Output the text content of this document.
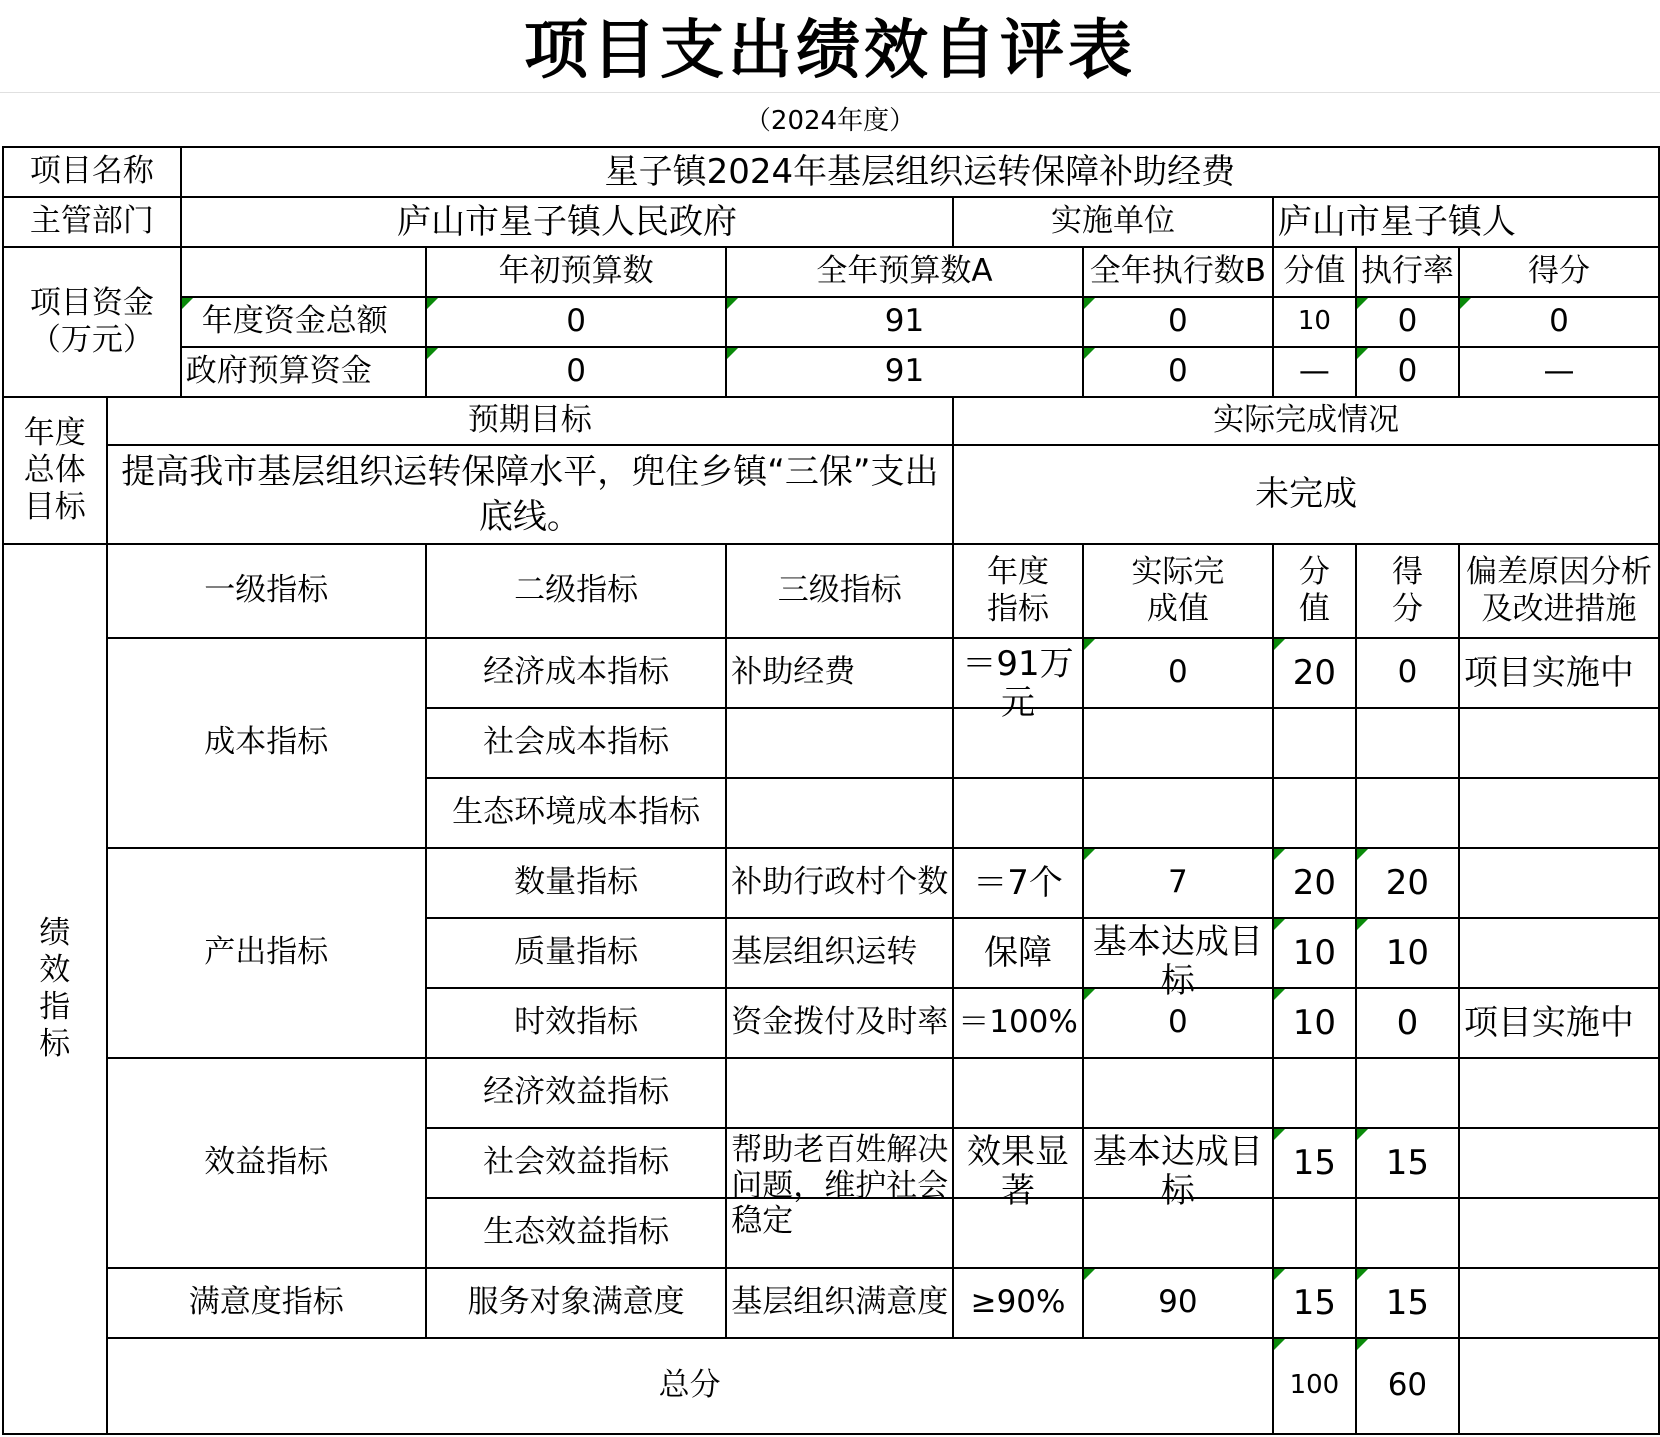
项目支出绩效自评表
（2024年度）
项目名称		星子镇2024年基层组织运转保障补助经费							
主管部门		庐山市星子镇人民政府			实施单位		庐山市星子镇人		
项目资金
（万元）			年初预算数	全年预算数A		全年执行数B	分值	执行率	得分
		年度资金总额	0	91		0	10	0	0
		政府预算资金	0	91		0	—	0	—
年度总体目标	预期目标				实际完成情况				
	提高我市基层组织运转保障水平，兜住乡镇“三保”支出底线。				未完成				
绩效指标	一级指标		二级指标	三级指标	年度指标	实际完成值	分值	得分	偏差原因分析及改进措施
	成本指标		经济成本指标	补助经费	＝91万元	0	20	0	项目实施中
			社会成本指标						
			生态环境成本指标						
	产出指标		数量指标	补助行政村个数	＝7个	7	20	20	
			质量指标	基层组织运转	保障	基本达成目标	10	10	
			时效指标	资金拨付及时率	＝100%	0	10	0	项目实施中
	效益指标		经济效益指标						
			社会效益指标	帮助老百姓解决问题，维护社会稳定	效果显著	基本达成目标	15	15	
			生态效益指标						
	满意度指标		服务对象满意度	基层组织满意度	≥90%	90	15	15	
	总分						100	60	
